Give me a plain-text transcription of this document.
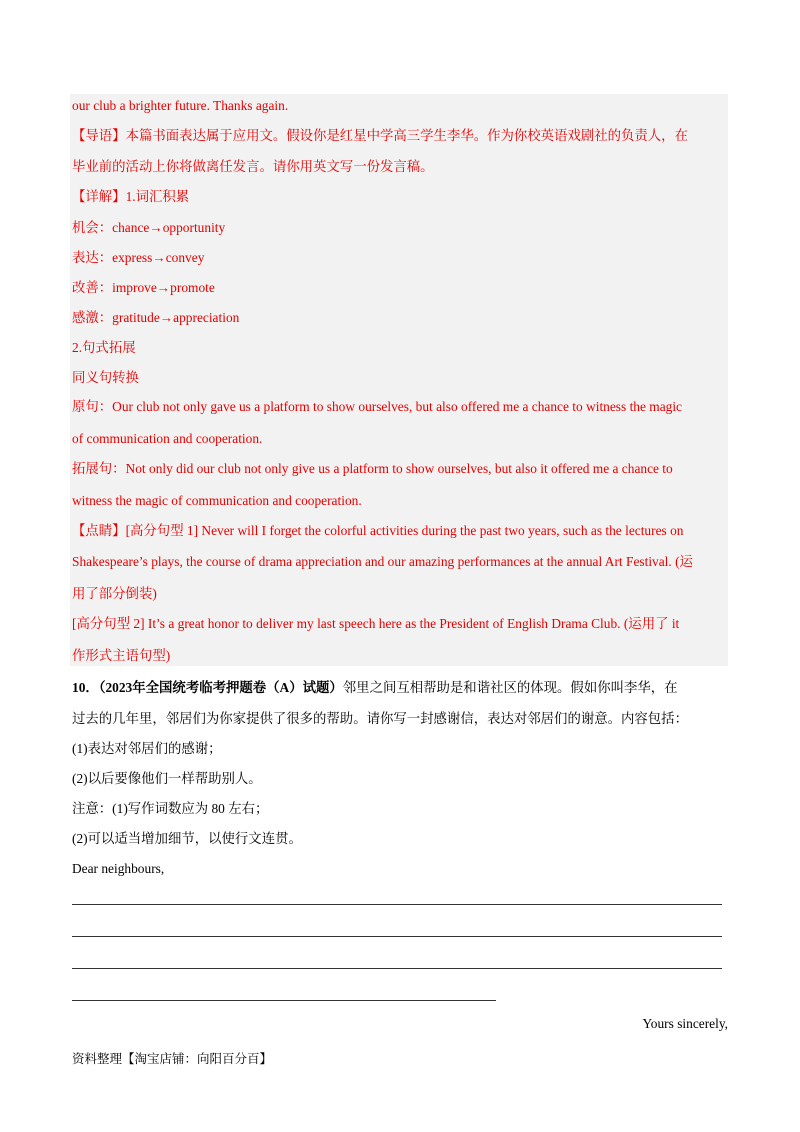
our club a brighter future. Thanks again.
【导语】本篇书面表达属于应用文。假设你是红星中学高三学生李华。作为你校英语戏剧社的负责人，在
毕业前的活动上你将做离任发言。请你用英文写一份发言稿。
【详解】1.词汇积累
机会：chance→opportunity
表达：express→convey
改善：improve→promote
感激：gratitude→appreciation
2.句式拓展
同义句转换
原句：Our club not only gave us a platform to show ourselves, but also offered me a chance to witness the magic
of communication and cooperation.
拓展句：Not only did our club not only give us a platform to show ourselves, but also it offered me a chance to
witness the magic of communication and cooperation.
【点睛】[高分句型 1] Never will I forget the colorful activities during the past two years, such as the lectures on
Shakespeare’s plays, the course of drama appreciation and our amazing performances at the annual Art Festival. (运
用了部分倒装)
[高分句型 2] It’s a great honor to deliver my last speech here as the President of English Drama Club. (运用了 it
作形式主语句型)
10．（2023年全国统考临考押题卷（A）试题）邻里之间互相帮助是和谐社区的体现。假如你叫李华，在
过去的几年里，邻居们为你家提供了很多的帮助。请你写一封感谢信，表达对邻居们的谢意。内容包括：
(1)表达对邻居们的感谢；
(2)以后要像他们一样帮助别人。
注意：(1)写作词数应为 80 左右；
(2)可以适当增加细节，以使行文连贯。
Dear neighbours,
Yours sincerely,
资料整理【淘宝店铺：向阳百分百】
